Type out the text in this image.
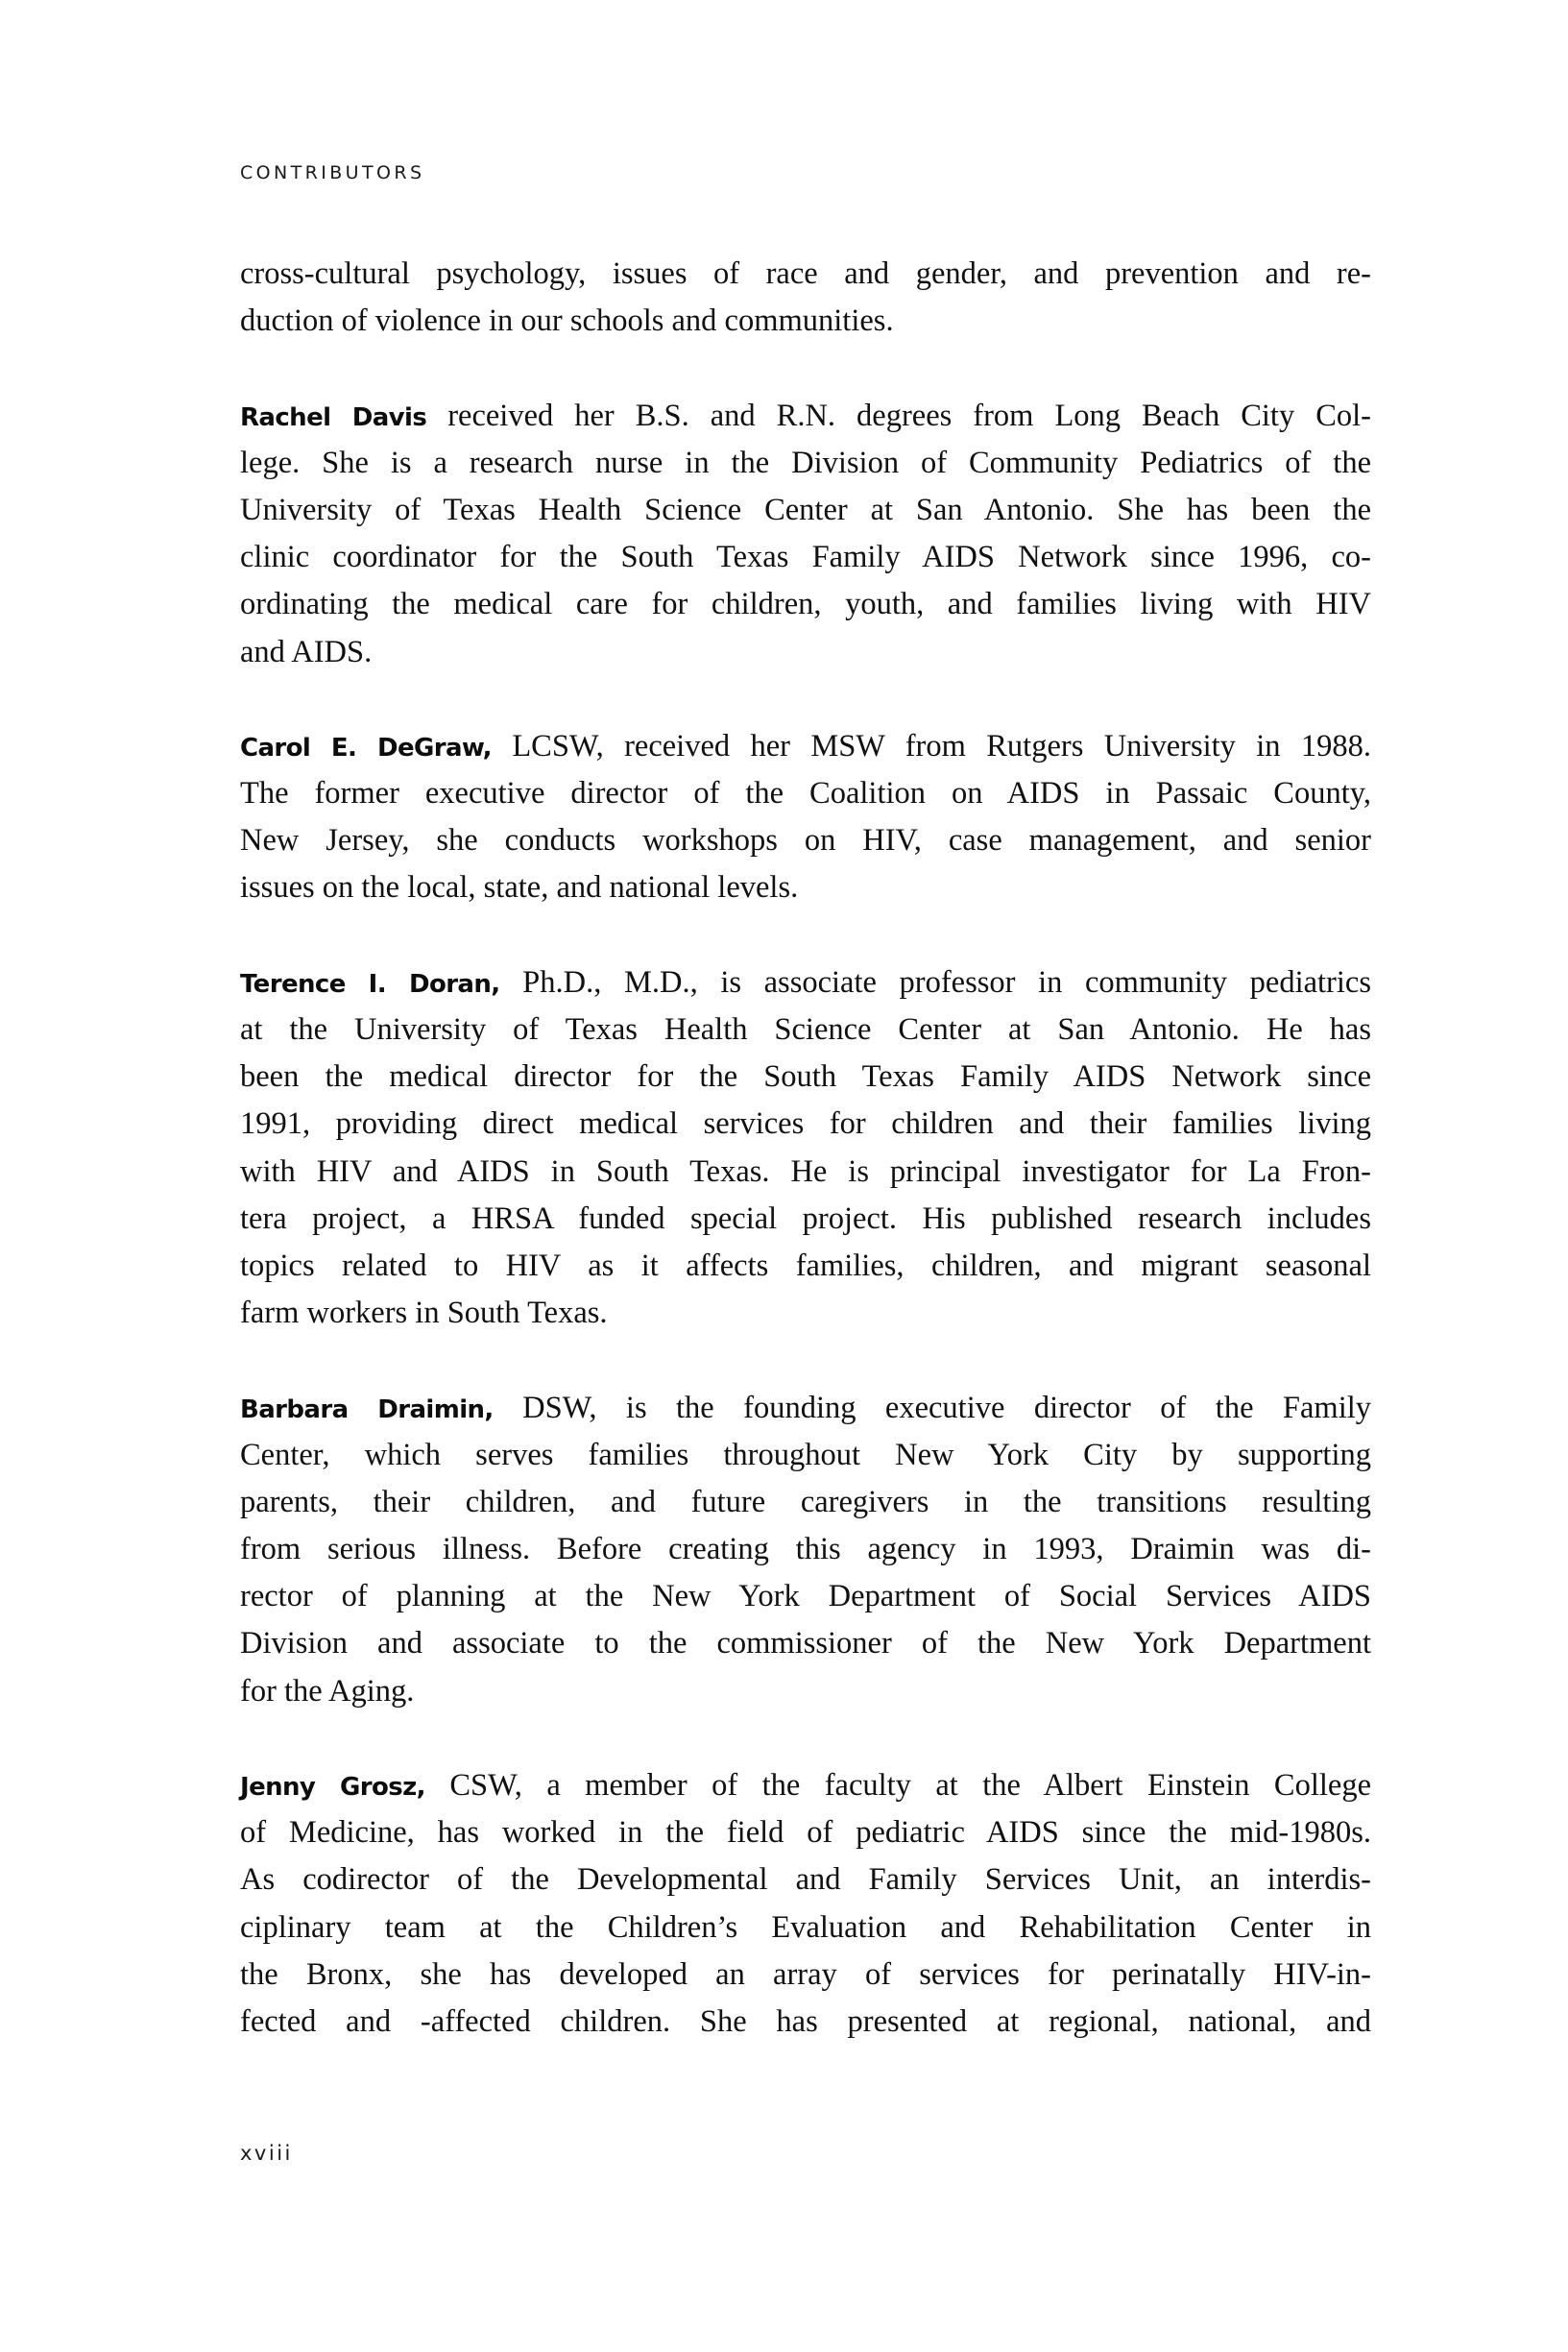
CONTRIBUTORS
cross-cultural psychology, issues of race and gender, and prevention and re-
duction of violence in our schools and communities.
Rachel Davis received her B.S. and R.N. degrees from Long Beach City Col-
lege. She is a research nurse in the Division of Community Pediatrics of the
University of Texas Health Science Center at San Antonio. She has been the
clinic coordinator for the South Texas Family AIDS Network since 1996, co-
ordinating the medical care for children, youth, and families living with HIV
and AIDS.
Carol E. DeGraw, LCSW, received her MSW from Rutgers University in 1988.
The former executive director of the Coalition on AIDS in Passaic County,
New Jersey, she conducts workshops on HIV, case management, and senior
issues on the local, state, and national levels.
Terence I. Doran, Ph.D., M.D., is associate professor in community pediatrics
at the University of Texas Health Science Center at San Antonio. He has
been the medical director for the South Texas Family AIDS Network since
1991, providing direct medical services for children and their families living
with HIV and AIDS in South Texas. He is principal investigator for La Fron-
tera project, a HRSA funded special project. His published research includes
topics related to HIV as it affects families, children, and migrant seasonal
farm workers in South Texas.
Barbara Draimin, DSW, is the founding executive director of the Family
Center, which serves families throughout New York City by supporting
parents, their children, and future caregivers in the transitions resulting
from serious illness. Before creating this agency in 1993, Draimin was di-
rector of planning at the New York Department of Social Services AIDS
Division and associate to the commissioner of the New York Department
for the Aging.
Jenny Grosz, CSW, a member of the faculty at the Albert Einstein College
of Medicine, has worked in the field of pediatric AIDS since the mid-1980s.
As codirector of the Developmental and Family Services Unit, an interdis-
ciplinary team at the Children’s Evaluation and Rehabilitation Center in
the Bronx, she has developed an array of services for perinatally HIV-in-
fected and -affected children. She has presented at regional, national, and
xviii
